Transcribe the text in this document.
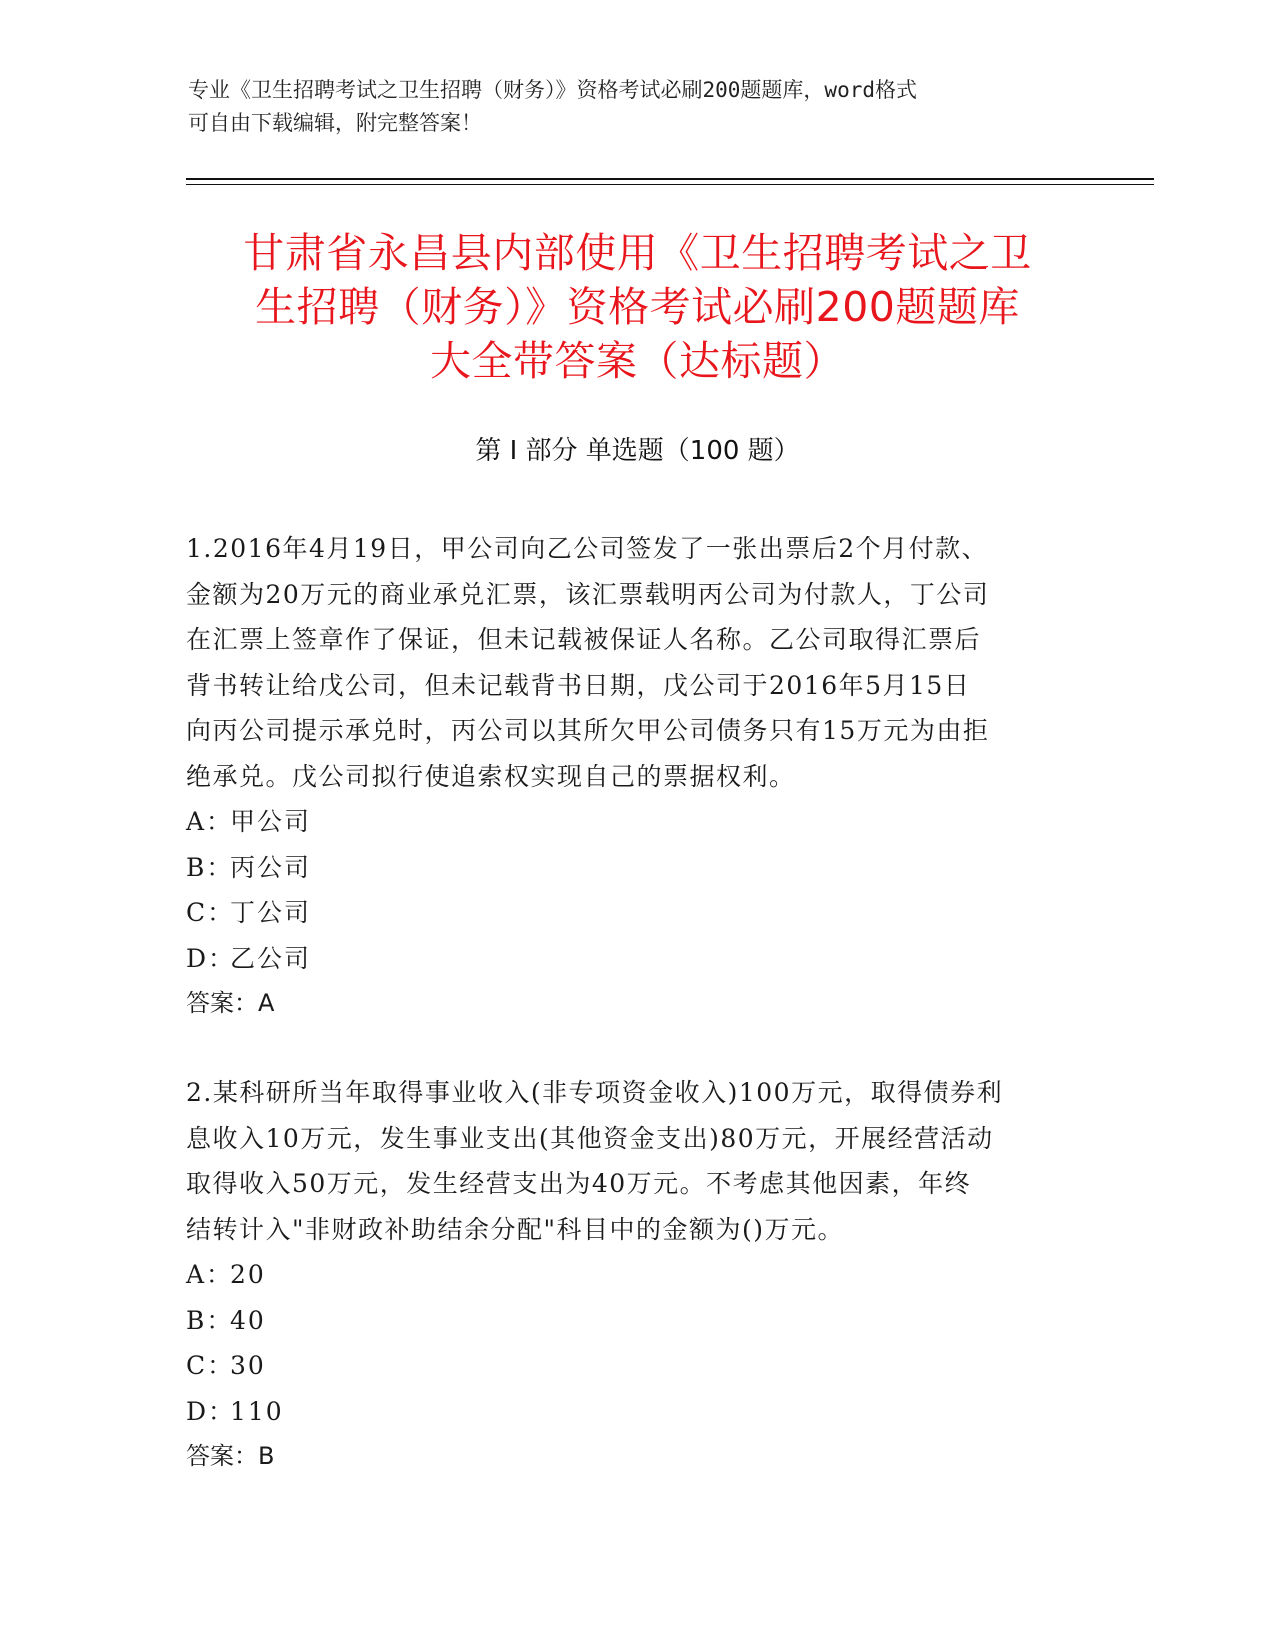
专业《卫生招聘考试之卫生招聘（财务）》资格考试必刷200题题库，word格式
可自由下载编辑，附完整答案！
甘肃省永昌县内部使用《卫生招聘考试之卫
生招聘（财务）》资格考试必刷200题题库
大全带答案（达标题）
第 I 部分 单选题（100 题）
1.2016年4月19日，甲公司向乙公司签发了一张出票后2个月付款、
金额为20万元的商业承兑汇票，该汇票载明丙公司为付款人，丁公司
在汇票上签章作了保证，但未记载被保证人名称。乙公司取得汇票后
背书转让给戊公司，但未记载背书日期，戊公司于2016年5月15日
向丙公司提示承兑时，丙公司以其所欠甲公司债务只有15万元为由拒
绝承兑。戊公司拟行使追索权实现自己的票据权利。
A：甲公司
B：丙公司
C：丁公司
D：乙公司
答案：A
2.某科研所当年取得事业收入(非专项资金收入)100万元，取得债券利
息收入10万元，发生事业支出(其他资金支出)80万元，开展经营活动
取得收入50万元，发生经营支出为40万元。不考虑其他因素，年终
结转计入"非财政补助结余分配"科目中的金额为()万元。
A：20
B：40
C：30
D：110
答案：B
